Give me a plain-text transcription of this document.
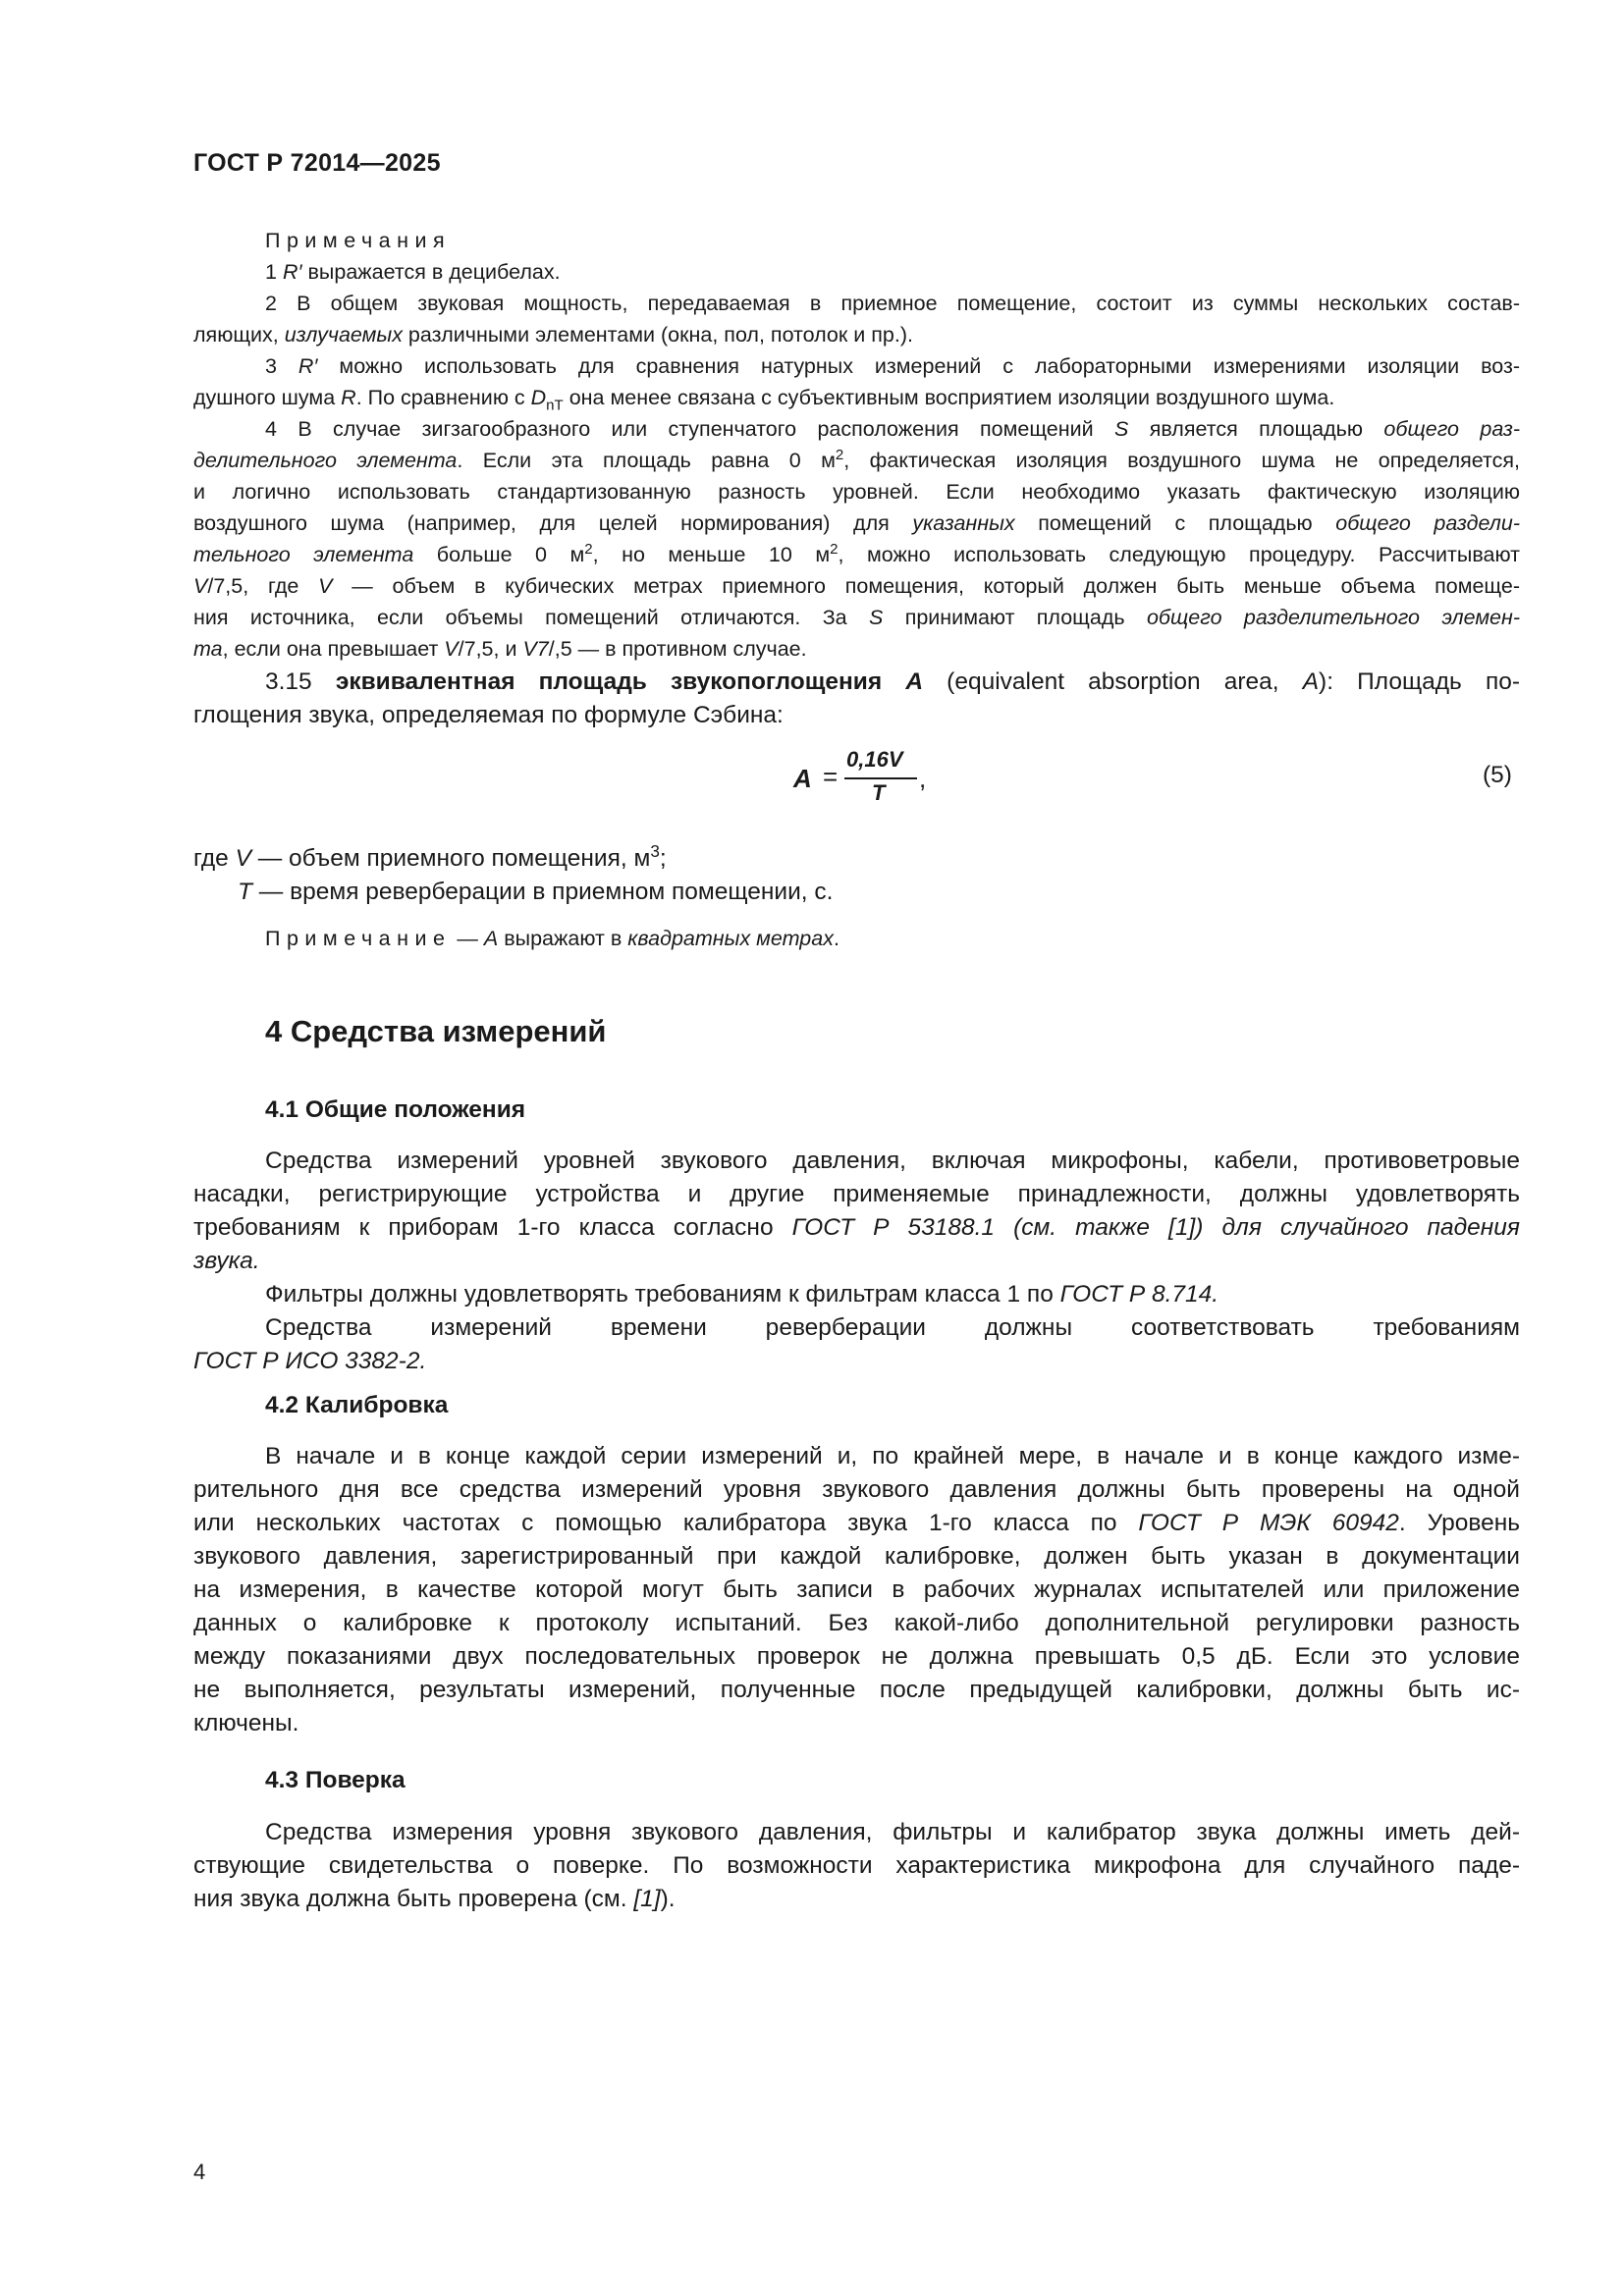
ГОСТ Р 72014—2025

Примечания

1 R′ выражается в децибелах.

2 В общем звуковая мощность, передаваемая в приемное помещение, состоит из суммы нескольких состав-

ляющих, излучаемых различными элементами (окна, пол, потолок и пр.).

3 R′ можно использовать для сравнения натурных измерений с лабораторными измерениями изоляции воз-

душного шума R. По сравнению с $D_{nT}$ она менее связана с субъективным восприятием изоляции воздушного шума.

4 В случае зигзагообразного или ступенчатого расположения помещений S является площадью общего раз-

делительного элемента. Если эта площадь равна 0 $м^2$, фактическая изоляция воздушного шума не определяется,

и логично использовать стандартизованную разность уровней. Если необходимо указать фактическую изоляцию

воздушного шума (например, для целей нормирования) для указанных помещений с площадью общего раздели-

тельного элемента больше 0 $м^2$, но меньше 10 $м^2$, можно использовать следующую процедуру. Рассчитывают

V/7,5, где V — объем в кубических метрах приемного помещения, который должен быть меньше объема помеще-

ния источника, если объемы помещений отличаются. За S принимают площадь общего разделительного элемен-

та, если она превышает V/7,5, и V7/,5 — в противном случае.

3.15 эквивалентная площадь звукопоглощения A (equivalent absorption area, A): Площадь по-

глощения звука, определяемая по формуле Сэбина:

A =
0,16V
T ,	(5)
где V — объем приемного помещения, $м^3$;
T — время реверберации в приемном помещении, с.
Примечание — A выражают в квадратных метрах.
4 Средства измерений
4.1 Общие положения

Средства измерений уровней звукового давления, включая микрофоны, кабели, противоветровые

насадки, регистрирующие устройства и другие применяемые принадлежности, должны удовлетворять

требованиям к приборам 1-го класса согласно ГОСТ Р 53188.1 (см. также [1]) для случайного падения

звука.

Фильтры должны удовлетворять требованиям к фильтрам класса 1 по ГОСТ Р 8.714.

Средства измерений времени реверберации должны соответствовать требованиям

ГОСТ Р ИСО 3382-2.

4.2 Калибровка

В начале и в конце каждой серии измерений и, по крайней мере, в начале и в конце каждого изме-

рительного дня все средства измерений уровня звукового давления должны быть проверены на одной

или нескольких частотах с помощью калибратора звука 1-го класса по ГОСТ Р МЭК 60942. Уровень

звукового давления, зарегистрированный при каждой калибровке, должен быть указан в документации

на измерения, в качестве которой могут быть записи в рабочих журналах испытателей или приложение

данных о калибровке к протоколу испытаний. Без какой-либо дополнительной регулировки разность

между показаниями двух последовательных проверок не должна превышать 0,5 дБ. Если это условие

не выполняется, результаты измерений, полученные после предыдущей калибровки, должны быть ис-

ключены.

4.3 Поверка

Средства измерения уровня звукового давления, фильтры и калибратор звука должны иметь дей-

ствующие свидетельства о поверке. По возможности характеристика микрофона для случайного паде-

ния звука должна быть проверена (см. [1]).

4
